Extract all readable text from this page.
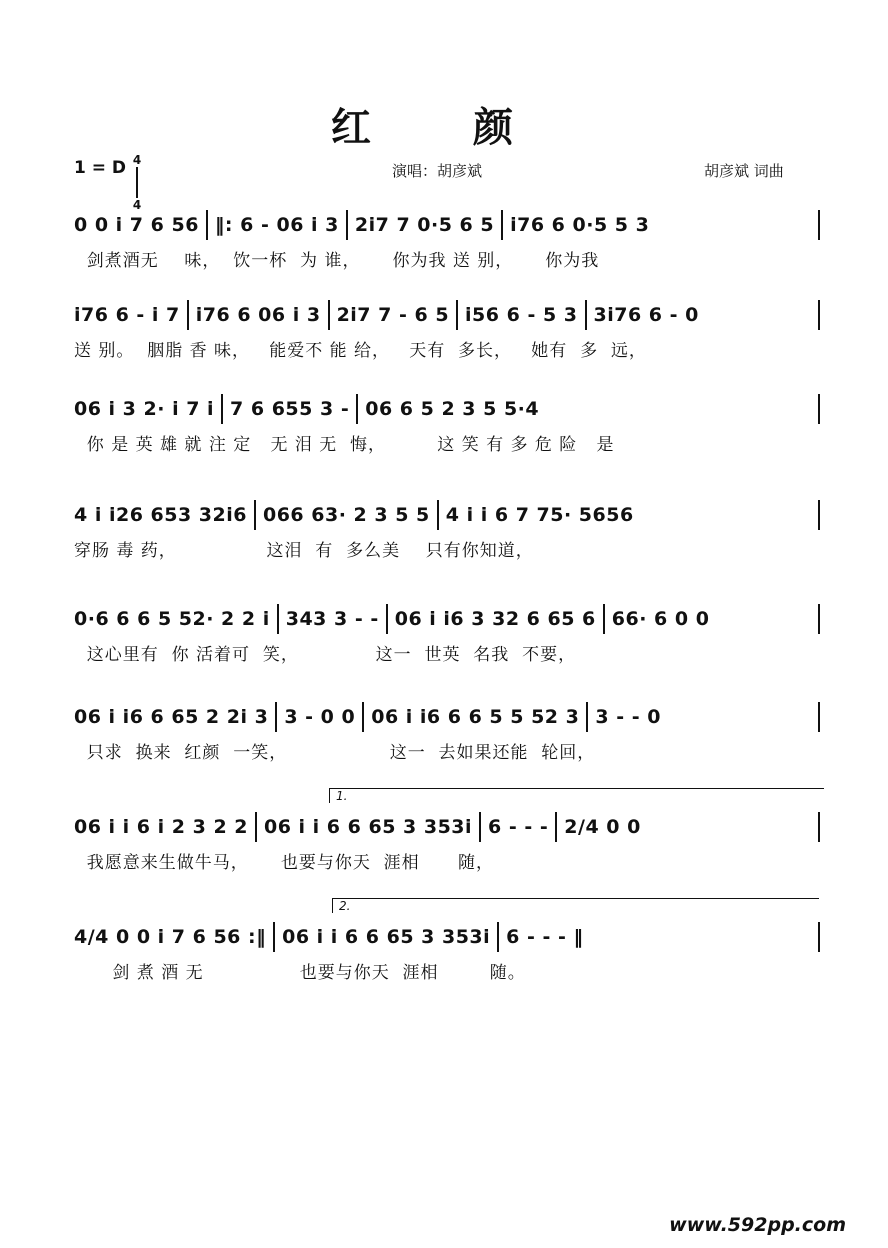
红 颜
1 = D 4
4
演唱：胡彦斌	胡彦斌 词曲
0 0 i 7 6 56 ‖: 6 - 06 i 3 2i7 7 0·5 6 5 i76 6 0·5 5 3
剑煮酒无    味，  饮一杯  为 谁，     你为我 送 别，     你为我
i76 6 - i 7 i76 6 06 i 3 2i7 7 - 6 5 i56 6 - 5 3 3i76 6 - 0
送 别。  胭脂 香 味，   能爱不 能 给，   天有  多长，   她有  多  远，
06 i 3 2· i 7 i 7 6 655 3 - 06 6 5 2 3 5 5·4
你 是 英 雄 就 注 定   无 泪 无  悔，        这 笑 有 多 危 险   是
4 i i26 653 32i6 066 63· 2 3 5 5 4 i i 6 7 75· 5656
穿肠 毒 药，              这泪  有  多么美    只有你知道，
0·6 6 6 5 52· 2 2 i 343 3 - - 06 i i6 3 32 6 65 6 66· 6 0 0
这心里有  你 活着可  笑，            这一  世英  名我  不要，
06 i i6 6 65 2 2i 3 3 - 0 0 06 i i6 6 6 5 5 52 3 3 - - 0
只求  换来  红颜  一笑，                这一  去如果还能  轮回，
1.
06 i i 6 i 2 3 2 2 06 i i 6 6 65 3 353i 6 - - - 2/4 0 0
我愿意来生做牛马，     也要与你天  涯相      随，
2.
4/4 0 0 i 7 6 56 :‖ 06 i i 6 6 65 3 353i 6 - - - ‖
剑 煮 酒 无               也要与你天  涯相        随。
www.592pp.com
